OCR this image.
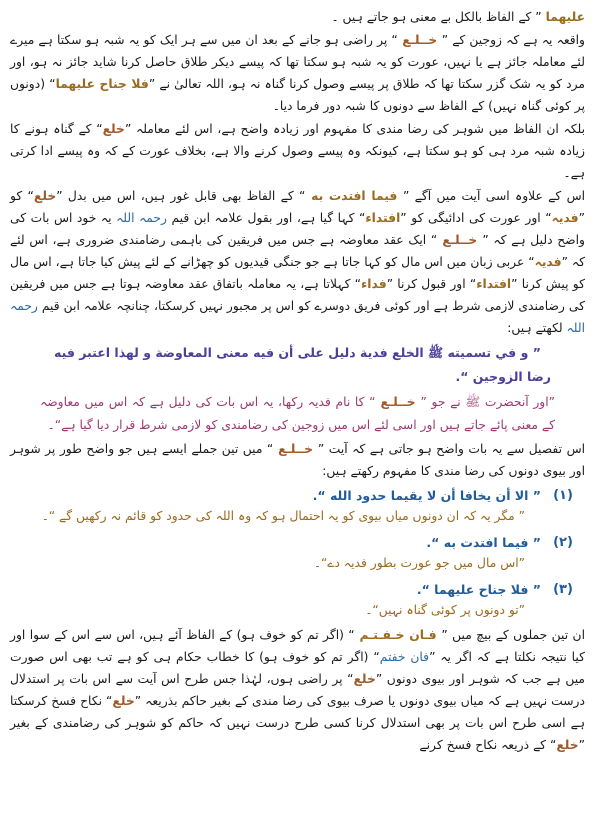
علیھما ” کے الفاظ بالکل بے معنی ہو جاتے ہیں ۔

واقعہ یہ ہے کہ زوجین کے ” خــلـع “ پر راضی ہو جانے کے بعد ان میں سے ہر ایک کو یہ شبہ ہو سکتا ہے میرے لئے معاملہ جائز ہے یا نہیں، عورت کو یہ شبہ ہو سکتا تھا کہ پیسے دیکر طلاق حاصل کرنا شاید جائز نہ ہو، اور مرد کو یہ شک گزر سکتا تھا کہ طلاق پر پیسے وصول کرنا گناہ نہ ہو، اللہ تعالیٰ نے ”فلا جناح علیھما“ (دونوں پر کوئی گناہ نہیں) کے الفاظ سے دونوں کا شبہ دور فرما دیا۔

بلکہ ان الفاظ میں شوہر کی رضا مندی کا مفہوم اور زیادہ واضح ہے، اس لئے معاملہ ”خلع“ کے گناہ ہونے کا زیادہ شبہ مرد ہی کو ہو سکتا ہے، کیونکہ وہ پیسے وصول کرنے والا ہے، بخلاف عورت کے کہ وہ پیسے ادا کرتی ہے۔

اس کے علاوہ اسی آیت میں آگے ” فیما افتدت به “ کے الفاظ بھی قابل غور ہیں، اس میں بدل ”خلع“ کو ”فدیہ“ اور عورت کی ادائیگی کو ”افتداء“ کہا گیا ہے، اور بقول علامہ ابن قیم رحمہ اللہ یہ خود اس بات کی واضح دلیل ہے کہ ” خــلـع “ ایک عقد معاوضہ ہے جس میں فریقین کی باہمی رضامندی ضروری ہے، اس لئے کہ ”فدیہ“ عربی زبان میں اس مال کو کہا جاتا ہے جو جنگی قیدیوں کو چھڑانے کے لئے پیش کیا جاتا ہے، اس مال کو پیش کرنا ”افتداء“ اور قبول کرنا ”فداء“ کہلاتا ہے، یہ معاملہ باتفاق عقد معاوضہ ہوتا ہے جس میں فریقین کی رضامندی لازمی شرط ہے اور کوئی فریق دوسرے کو اس پر مجبور نہیں کرسکتا، چنانچہ علامہ ابن قیم رحمہ اللہ لکھتے ہیں:

” و في تسميته ﷺ الخلع فدية دليل على أن فيه معنى المعاوضة و لهذا اعتبر فيه رضا الزوجين “.

”اور آنحضرت ﷺ نے جو ” خــلـع “ کا نام فدیہ رکھا، یہ اس بات کی دلیل ہے کہ اس میں معاوضہ کے معنی پائے جاتے ہیں اور اسی لئے اس میں زوجین کی رضامندی کو لازمی شرط قرار دیا گیا ہے“۔

اس تفصیل سے یہ بات واضح ہو جاتی ہے کہ آیت ” خــلـع “ میں تین جملے ایسے ہیں جو واضح طور پر شوہر اور بیوی دونوں کی رضا مندی کا مفہوم رکھتے ہیں:

(۱)
” الا أن يخافا أن لا يقيما حدود الله “.

” مگر یہ کہ ان دونوں میاں بیوی کو یہ احتمال ہو کہ وہ اللہ کی حدود کو قائم نہ رکھیں گے “۔

(۲)
” فيما افتدت به “.

”اس مال میں جو عورت بطور فدیہ دے“۔

(۳)
” فلا جناح عليهما “.

”تو دونوں پر کوئی گناہ نہیں“۔

ان تین جملوں کے بیچ میں ” فـان خـفـتـم “ (اگر تم کو خوف ہو) کے الفاظ آئے ہیں، اس سے اس کے سوا اور کیا نتیجہ نکلتا ہے کہ اگر یہ ”فان خفتم“ (اگر تم کو خوف ہو) کا خطاب حکام ہی کو ہے تب بھی اس صورت میں ہے جب کہ شوہر اور بیوی دونوں ”خلع“ پر راضی ہوں، لہٰذا جس طرح اس آیت سے اس بات پر استدلال درست نہیں ہے کہ میاں بیوی دونوں یا صرف بیوی کی رضا مندی کے بغیر حاکم بذریعہ ”خلع“ نکاح فسخ کرسکتا ہے اسی طرح اس بات پر بھی استدلال کرنا کسی طرح درست نہیں کہ حاکم کو شوہر کی رضامندی کے بغیر ”خلع“ کے ذریعہ نکاح فسخ کرنے
